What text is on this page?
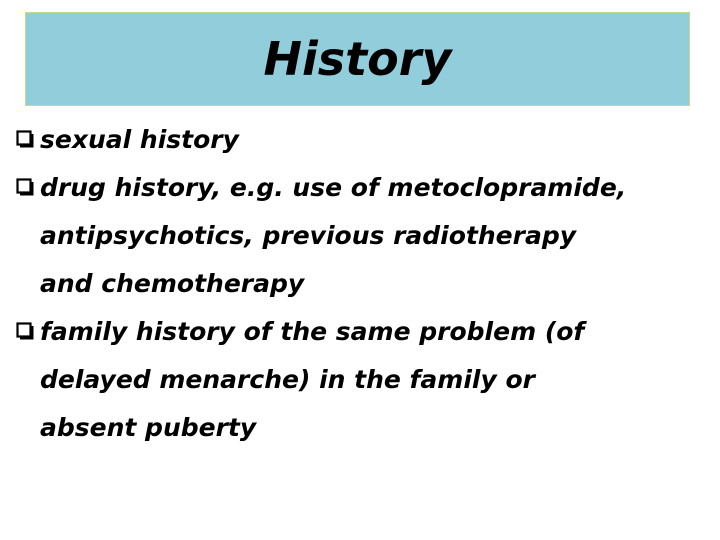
History
sexual history
drug history, e.g. use of metoclopramide,
antipsychotics, previous radiotherapy
and chemotherapy
family history of the same problem (of
delayed menarche) in the family or
absent puberty
